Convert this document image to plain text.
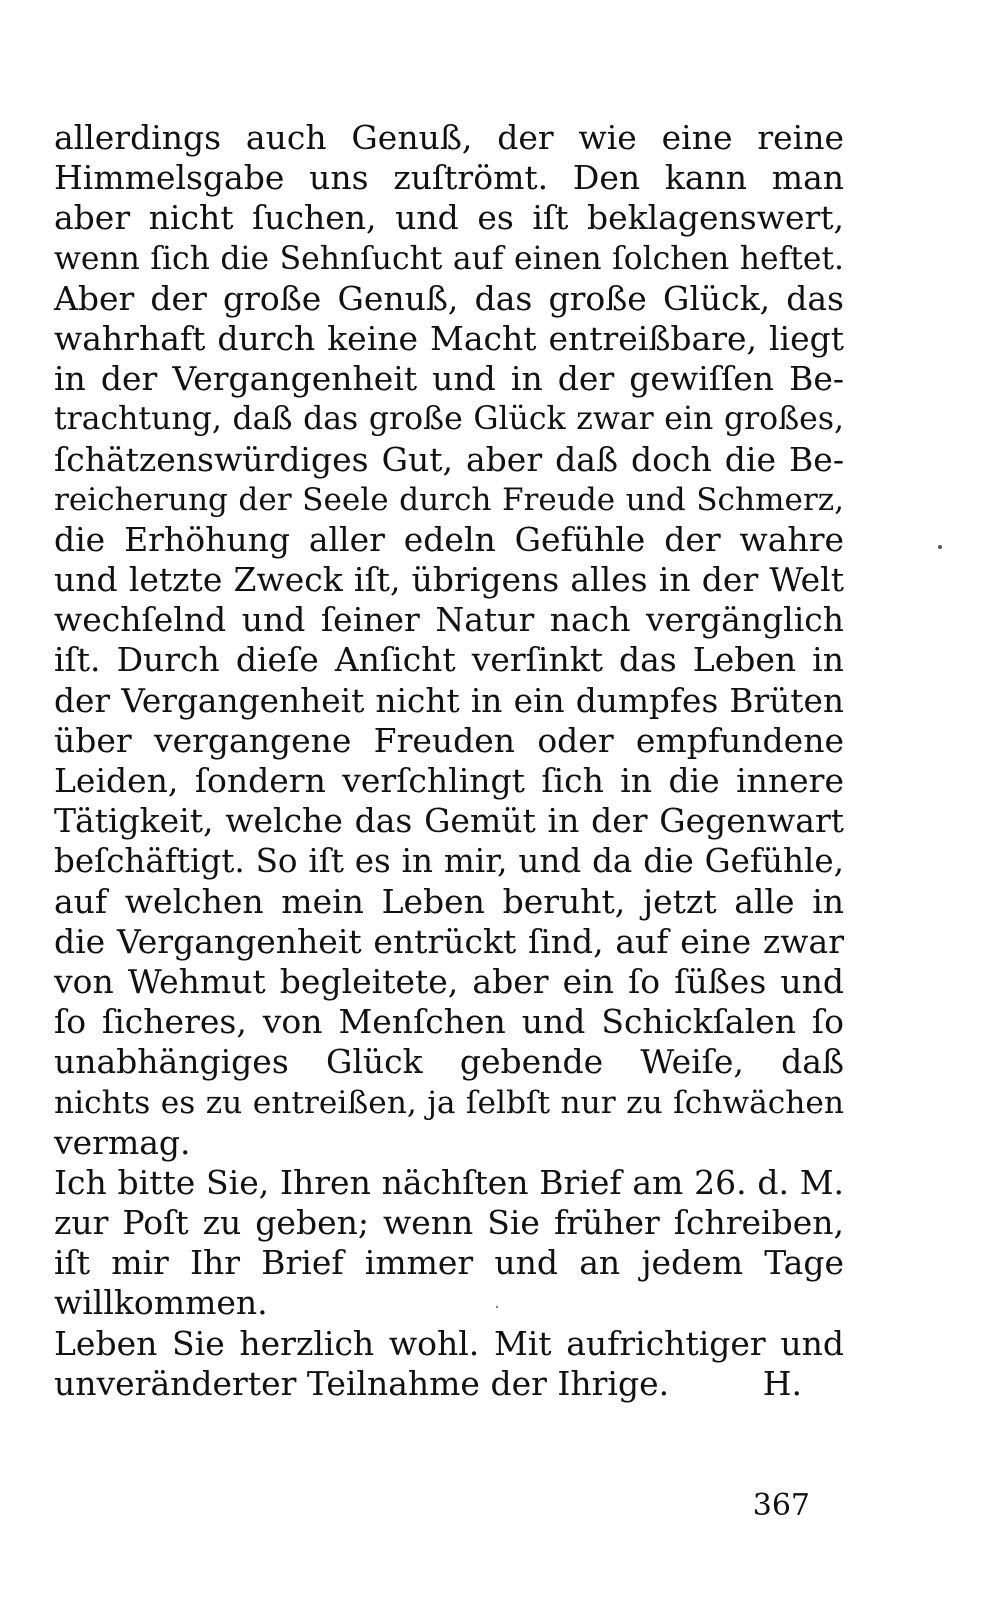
allerdings auch Genuß, der wie eine reine
Himmelsgabe uns zuſtrömt. Den kann man
aber nicht ſuchen, und es iſt beklagenswert,
wenn ſich die Sehnſucht auf einen ſolchen heftet.
Aber der große Genuß, das große Glück, das
wahrhaft durch keine Macht entreißbare, liegt
in der Vergangenheit und in der gewiſſen Be-
trachtung, daß das große Glück zwar ein großes,
ſchätzenswürdiges Gut, aber daß doch die Be-
reicherung der Seele durch Freude und Schmerz,
die Erhöhung aller edeln Gefühle der wahre
und letzte Zweck iſt, übrigens alles in der Welt
wechſelnd und ſeiner Natur nach vergänglich
iſt. Durch dieſe Anſicht verſinkt das Leben in
der Vergangenheit nicht in ein dumpfes Brüten
über vergangene Freuden oder empfundene
Leiden, ſondern verſchlingt ſich in die innere
Tätigkeit, welche das Gemüt in der Gegenwart
beſchäftigt. So iſt es in mir, und da die Gefühle,
auf welchen mein Leben beruht, jetzt alle in
die Vergangenheit entrückt ſind, auf eine zwar
von Wehmut begleitete, aber ein ſo ſüßes und
ſo ſicheres, von Menſchen und Schickſalen ſo
unabhängiges Glück gebende Weiſe, daß
nichts es zu entreißen, ja ſelbſt nur zu ſchwächen
vermag.
Ich bitte Sie, Ihren nächſten Brief am 26. d. M.
zur Poſt zu geben; wenn Sie früher ſchreiben,
iſt mir Ihr Brief immer und an jedem Tage
willkommen.
Leben Sie herzlich wohl. Mit aufrichtiger und
unveränderter Teilnahme der Ihrige.	H.
367
